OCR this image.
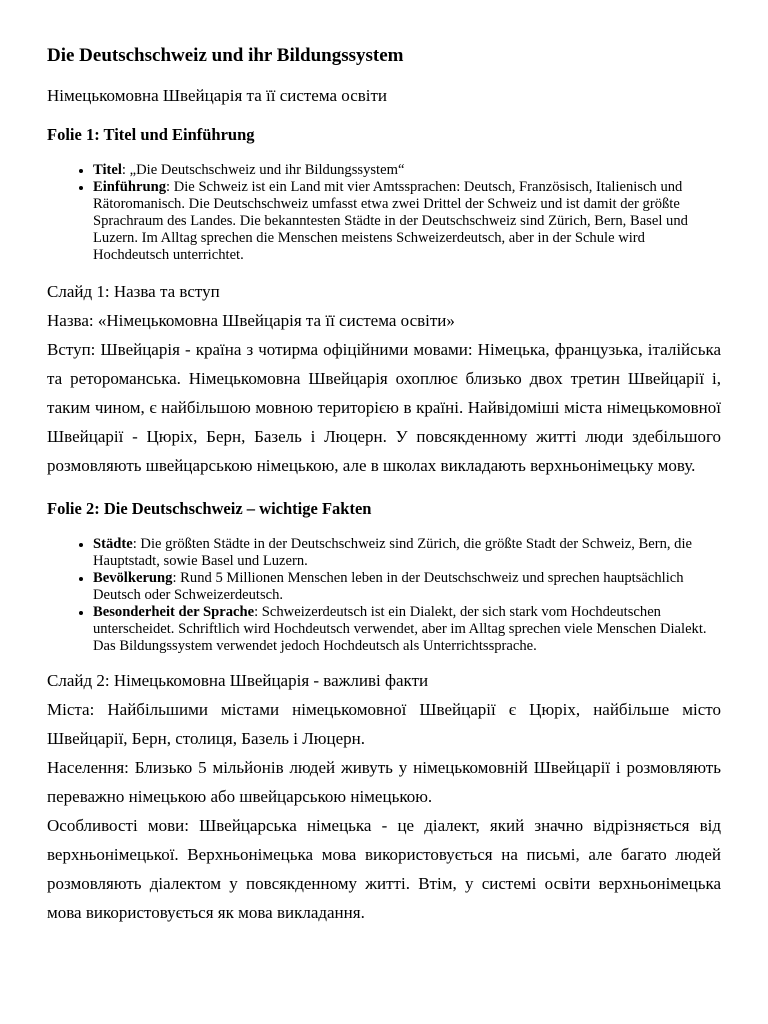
Die Deutschschweiz und ihr Bildungssystem

Німецькомовна Швейцарія та її система освіти

Folie 1: Titel und Einführung
• Titel: „Die Deutschschweiz und ihr Bildungssystem“
• Einführung: Die Schweiz ist ein Land mit vier Amtssprachen: Deutsch, Französisch, Italienisch und Rätoromanisch. Die Deutschschweiz umfasst etwa zwei Drittel der Schweiz und ist damit der größte Sprachraum des Landes. Die bekanntesten Städte in der Deutschschweiz sind Zürich, Bern, Basel und Luzern. Im Alltag sprechen die Menschen meistens Schweizerdeutsch, aber in der Schule wird Hochdeutsch unterrichtet.

Слайд 1: Назва та вступ

Назва: «Німецькомовна Швейцарія та її система освіти»

Вступ: Швейцарія - країна з чотирма офіційними мовами: Німецька, французька, італійська та ретороманська. Німецькомовна Швейцарія охоплює близько двох третин Швейцарії і, таким чином, є найбільшою мовною територією в країні. Найвідоміші міста німецькомовної Швейцарії - Цюріх, Берн, Базель і Люцерн. У повсякденному житті люди здебільшого розмовляють швейцарською німецькою, але в школах викладають верхньонімецьку мову.

Folie 2: Die Deutschschweiz – wichtige Fakten
• Städte: Die größten Städte in der Deutschschweiz sind Zürich, die größte Stadt der Schweiz, Bern, die Hauptstadt, sowie Basel und Luzern.
• Bevölkerung: Rund 5 Millionen Menschen leben in der Deutschschweiz und sprechen hauptsächlich Deutsch oder Schweizerdeutsch.
• Besonderheit der Sprache: Schweizerdeutsch ist ein Dialekt, der sich stark vom Hochdeutschen unterscheidet. Schriftlich wird Hochdeutsch verwendet, aber im Alltag sprechen viele Menschen Dialekt. Das Bildungssystem verwendet jedoch Hochdeutsch als Unterrichtssprache.

Слайд 2: Німецькомовна Швейцарія - важливі факти

Міста: Найбільшими містами німецькомовної Швейцарії є Цюріх, найбільше місто Швейцарії, Берн, столиця, Базель і Люцерн.

Населення: Близько 5 мільйонів людей живуть у німецькомовній Швейцарії і розмовляють переважно німецькою або швейцарською німецькою.

Особливості мови: Швейцарська німецька - це діалект, який значно відрізняється від верхньонімецької. Верхньонімецька мова використовується на письмі, але багато людей розмовляють діалектом у повсякденному житті. Втім, у системі освіти верхньонімецька мова використовується як мова викладання.
